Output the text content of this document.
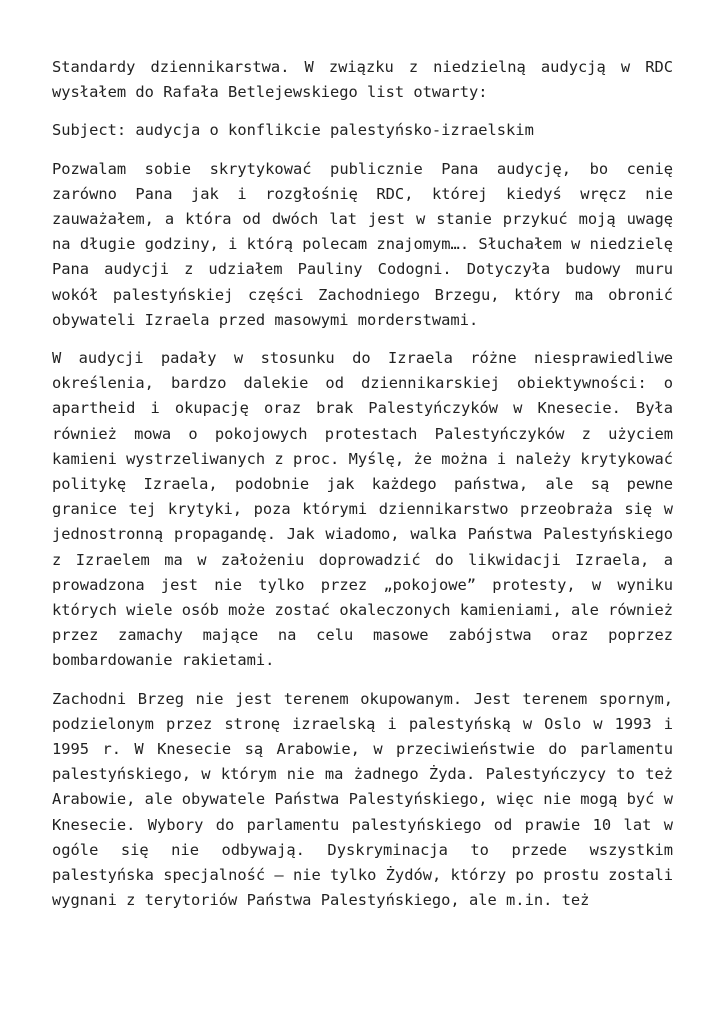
Standardy dziennikarstwa. W związku z niedzielną audycją w RDC wysłałem do Rafała Betlejewskiego list otwarty:

Subject: audycja o konflikcie palestyńsko-izraelskim

Pozwalam sobie skrytykować publicznie Pana audycję, bo cenię zarówno Pana jak i rozgłośnię RDC, której kiedyś wręcz nie zauważałem, a która od dwóch lat jest w stanie przykuć moją uwagę na długie godziny, i którą polecam znajomym…. Słuchałem w niedzielę Pana audycji z udziałem Pauliny Codogni. Dotyczyła budowy muru wokół palestyńskiej części Zachodniego Brzegu, który ma obronić obywateli Izraela przed masowymi morderstwami.

W audycji padały w stosunku do Izraela różne niesprawiedliwe określenia, bardzo dalekie od dziennikarskiej obiektywności: o apartheid i okupację oraz brak Palestyńczyków w Knesecie. Była również mowa o pokojowych protestach Palestyńczyków z użyciem kamieni wystrzeliwanych z proc. Myślę, że można i należy krytykować politykę Izraela, podobnie jak każdego państwa, ale są pewne granice tej krytyki, poza którymi dziennikarstwo przeobraża się w jednostronną propagandę. Jak wiadomo, walka Państwa Palestyńskiego z Izraelem ma w założeniu doprowadzić do likwidacji Izraela, a prowadzona jest nie tylko przez „pokojowe” protesty, w wyniku których wiele osób może zostać okaleczonych kamieniami, ale również przez zamachy mające na celu masowe zabójstwa oraz poprzez bombardowanie rakietami.

Zachodni Brzeg nie jest terenem okupowanym. Jest terenem spornym, podzielonym przez stronę izraelską i palestyńską w Oslo w 1993 i 1995 r. W Knesecie są Arabowie, w przeciwieństwie do parlamentu palestyńskiego, w którym nie ma żadnego Żyda. Palestyńczycy to też Arabowie, ale obywatele Państwa Palestyńskiego, więc nie mogą być w Knesecie. Wybory do parlamentu palestyńskiego od prawie 10 lat w ogóle się nie odbywają. Dyskryminacja to przede wszystkim palestyńska specjalność – nie tylko Żydów, którzy po prostu zostali wygnani z terytoriów Państwa Palestyńskiego, ale m.in. też
